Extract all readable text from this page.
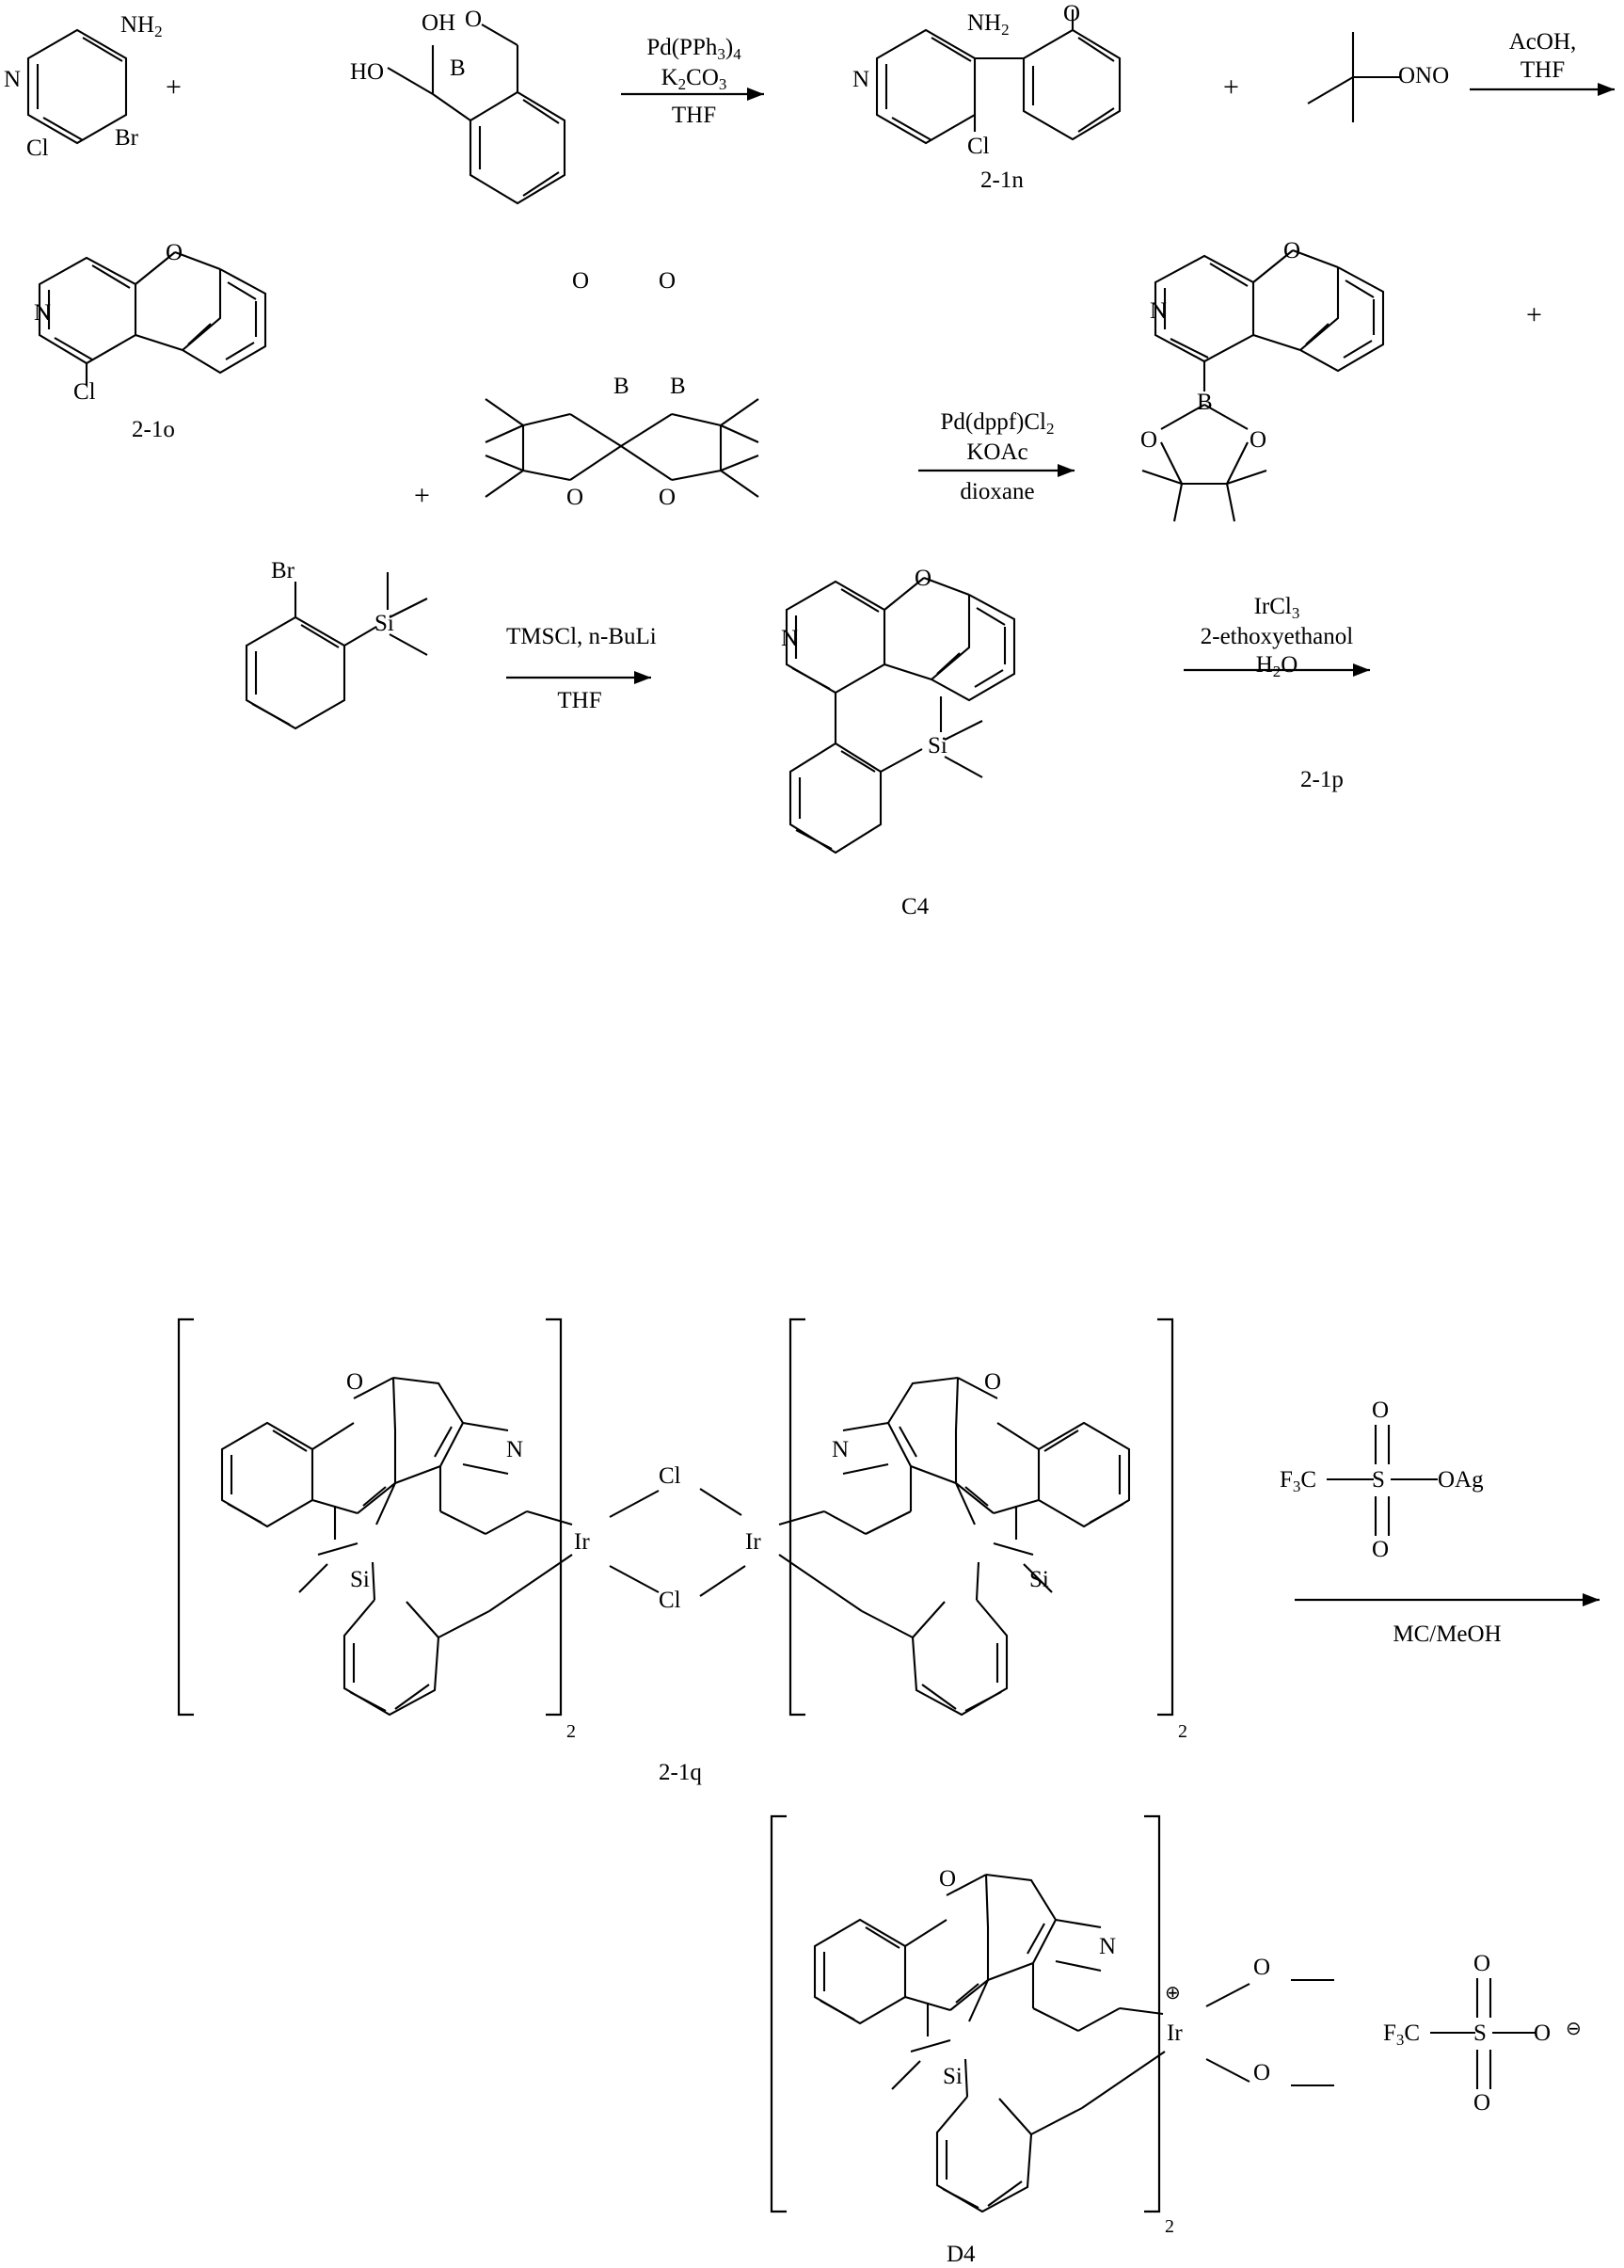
$NH_2$
N
Br
Cl
+
OH
HO	B
O
$Pd(PPh_3)_4$
$K_2CO_3$
THF
$NH_2$
N
Cl
O
2-1n
+	ONO
AcOH,
THF
O
N
Cl
2-1o
+
O	O
O	O
B B
$Pd(dppf)Cl_2$
KOAc
dioxane
O
N
B
O	O
+
2-1p
Br
Si
TMSCl, n-BuLi
THF
O
N
Si
C4
IrCl$_3$
2-ethoxyethanol
$H_2O$
O
N
Si
Ir
Cl
Cl
Ir
N
O
Si
2	2
2-1q
$F_3C$ S
O
O
OAg
MC/MeOH
O
N
Si
Ir
⊕
O
O
2
$F_3C$ S
O
O
O ⊖
D4
